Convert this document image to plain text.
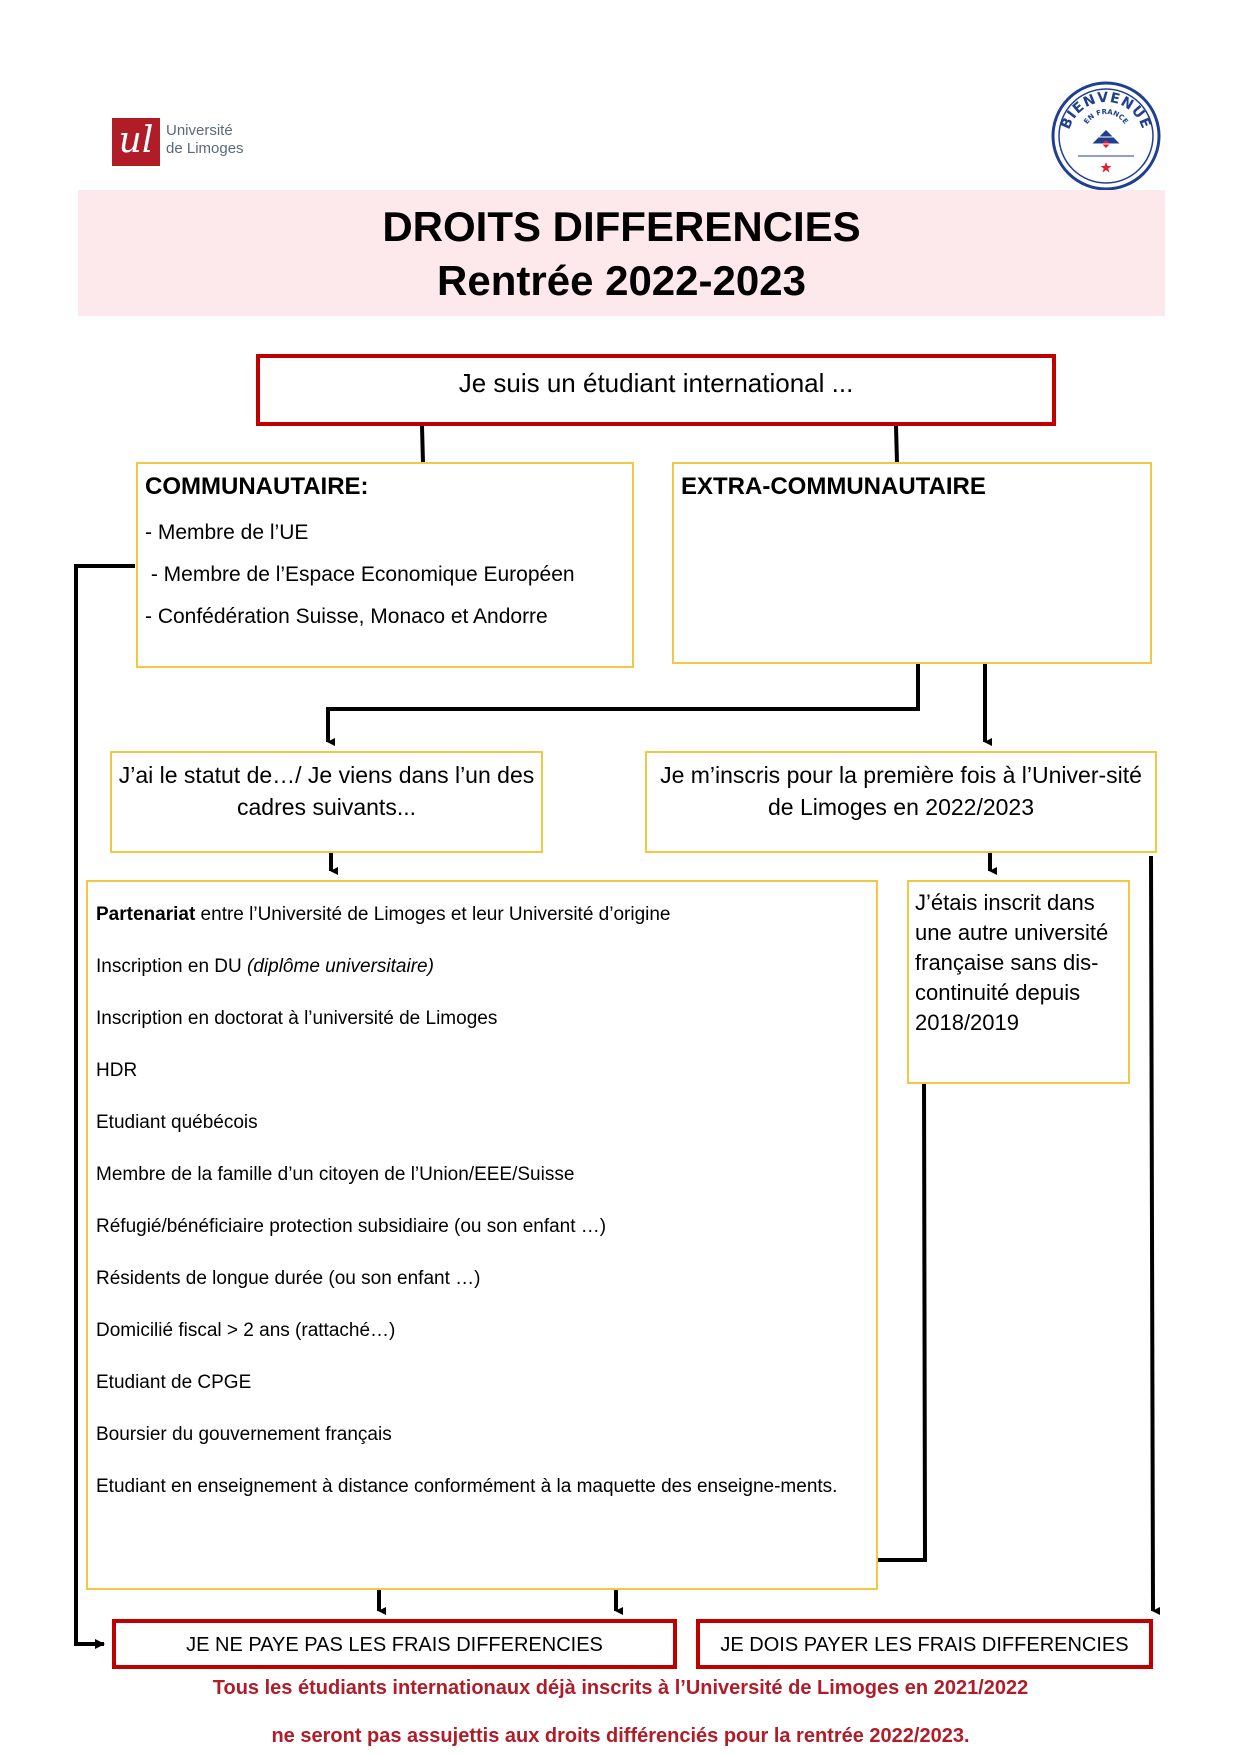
ul Université
de Limoges
BIENVENUE
EN FRANCE
DROITS DIFFERENCIES
Rentrée 2022-2023
Je suis un étudiant international ...
COMMUNAUTAIRE:
- Membre de l’UE
- Membre de l’Espace Economique Européen
- Confédération Suisse, Monaco et Andorre
EXTRA-COMMUNAUTAIRE
J’ai le statut de…/ Je viens dans l’un des cadres suivants...
Je m’inscris pour la première fois à l’Univer-sité de Limoges en 2022/2023
Partenariat entre l’Université de Limoges et leur Université d’origine
Inscription en DU (diplôme universitaire)
Inscription en doctorat à l’université de Limoges
HDR
Etudiant québécois
Membre de la famille d’un citoyen de l’Union/EEE/Suisse
Réfugié/bénéficiaire protection subsidiaire (ou son enfant …)
Résidents de longue durée (ou son enfant …)
Domicilié fiscal > 2 ans (rattaché…)
Etudiant de CPGE
Boursier du gouvernement français
Etudiant en enseignement à distance conformément à la maquette des enseigne-ments.
J’étais inscrit dans une autre université française sans dis-continuité depuis 2018/2019
JE NE PAYE PAS LES FRAIS DIFFERENCIES	JE DOIS PAYER LES FRAIS DIFFERENCIES
Tous les étudiants internationaux déjà inscrits à l’Université de Limoges en 2021/2022
ne seront pas assujettis aux droits différenciés pour la rentrée 2022/2023.
